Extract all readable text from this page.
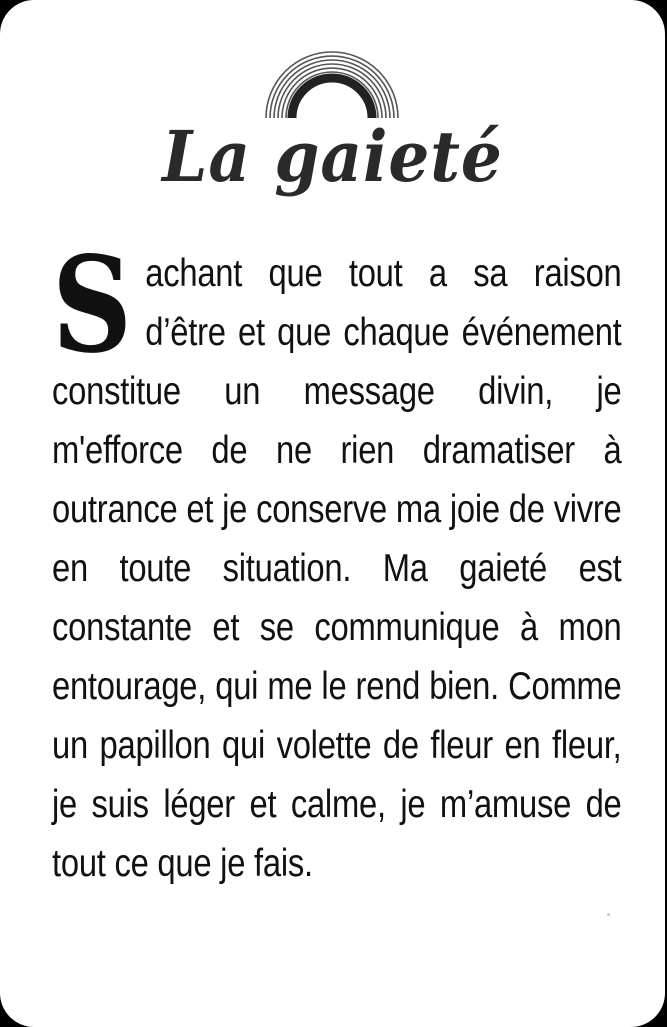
La gaieté
S achant que tout a sa raison d’être et que chaque événement constitue un message divin, je m'efforce de ne rien dramatiser à outrance et je conserve ma joie de vivre en toute situation. Ma gaieté est constante et se communique à mon entourage, qui me le rend bien. Comme un papillon qui volette de fleur en fleur, je suis léger et calme, je m’amuse de tout ce que je fais.
